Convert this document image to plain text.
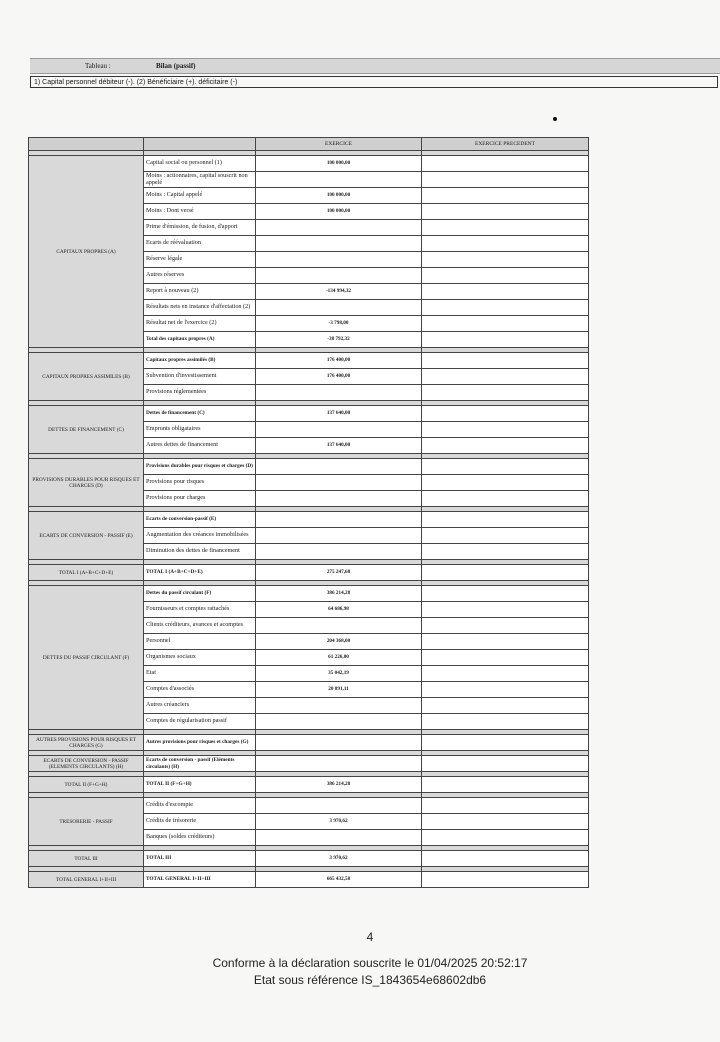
Tableau :	Bilan (passif)
1) Capital personnel débiteur (-). (2) Bénéficiaire (+). déficitaire (-)
		EXERCICE	EXERCICE PRECEDENT

CAPITAUX PROPRES (A)	Capital social ou personnel (1)	100 000,00	
	Moins : actionnaires, capital souscrit non appelé		
	Moins : Capital appelé	100 000,00	
	Moins : Dont versé	100 000,00	
	Prime d'émission, de fusion, d'apport		
	Ecarts de réévaluation		
	Réserve légale		
	Autres réserves		
	Report à nouveau (2)	-134 994,32	
	Résultats nets en instance d'affectation (2)		
	Résultat net de l'exercice (2)	-3 798,00	
	Total des capitaux propres (A)	-38 792,32	

CAPITAUX PROPRES ASSIMILES (B)	Capitaux propres assimilés (B)	176 400,00	
	Subvention d'investissement	176 400,00	
	Provisions réglementées		

DETTES DE FINANCEMENT (C)	Dettes de financement (C)	137 640,00	
	Emprunts obligataires		
	Autres dettes de financement	137 640,00	

PROVISIONS DURABLES POUR RISQUES ET CHARGES (D)	Provisions durables pour risques et charges (D)		
	Provisions pour risques		
	Provisions pour charges		

ECARTS DE CONVERSION - PASSIF (E)	Ecarts de conversion-passif (E)		
	Augmentation des créances immobilisées		
	Diminution des dettes de financement		

TOTAL I (A+B+C+D+E)	TOTAL I (A+B+C+D+E)	275 247,68	

DETTES DU PASSIF CIRCULANT (F)	Dettes du passif circulant (F)	386 214,28	
	Fournisseurs et comptes rattachés	64 686,98	
	Clients créditeurs, avances et acomptes		
	Personnel	204 368,00	
	Organismes sociaux	61 226,00	
	Etat	35 042,19	
	Comptes d'associés	20 891,11	
	Autres créanciers		
	Comptes de régularisation passif		

AUTRES PROVISIONS POUR RISQUES ET CHARGES (G)	Autres provisions pour risques et charges (G)		

ECARTS DE CONVERSION - PASSIF (ELEMENTS CIRCULANTS) (H)	Ecarts de conversion - passif (Eléments circulants) (H)		

TOTAL II (F+G+H)	TOTAL II (F+G+H)	386 214,28	

TRESORERIE - PASSIF	Crédits d'escompte		
	Crédits de trésorerie	3 970,62	
	Banques (soldes créditeurs)		

TOTAL III	TOTAL III	3 970,62	

TOTAL GENERAL I+II+III	TOTAL GENERAL I+II+III	665 432,58	
4
Conforme à la déclaration souscrite le 01/04/2025 20:52:17
Etat sous référence IS_1843654e68602db6
